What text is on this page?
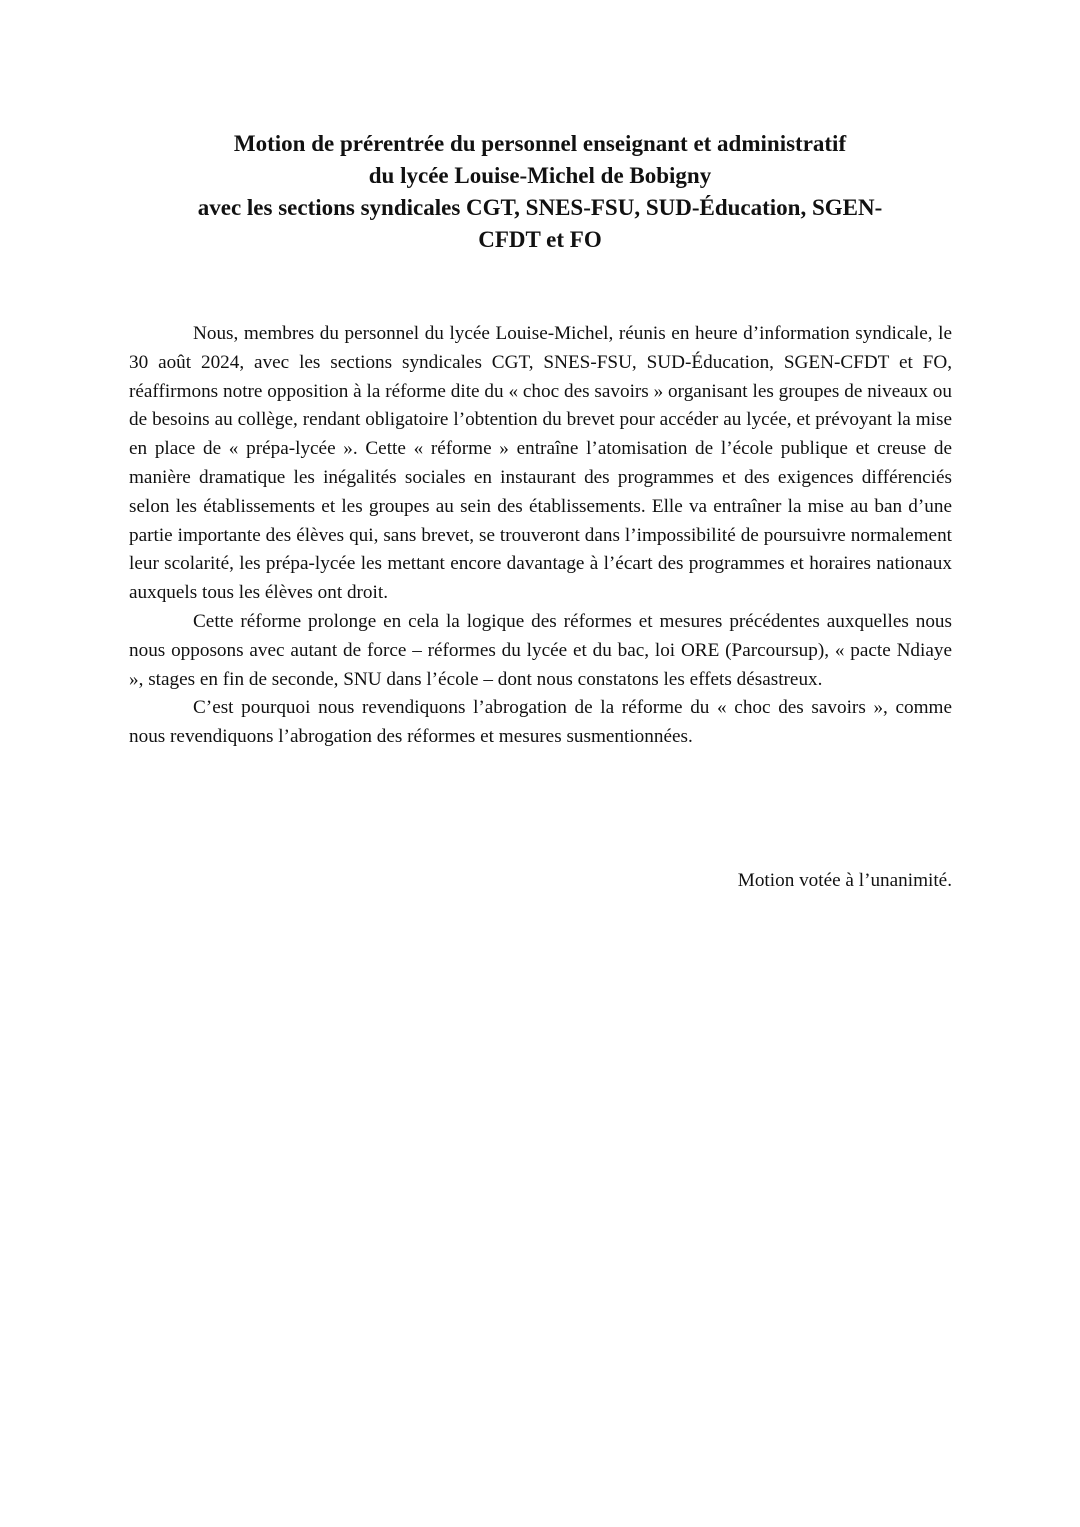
Motion de prérentrée du personnel enseignant et administratif
du lycée Louise-Michel de Bobigny
avec les sections syndicales CGT, SNES-FSU, SUD-Éducation, SGEN-
CFDT et FO

Nous, membres du personnel du lycée Louise-Michel, réunis en heure d’information syndicale, le 30 août 2024, avec les sections syndicales CGT, SNES-FSU, SUD-Éducation, SGEN-CFDT et FO, réaffirmons notre opposition à la réforme dite du « choc des savoirs » organisant les groupes de niveaux ou de besoins au collège, rendant obligatoire l’obtention du brevet pour accéder au lycée, et prévoyant la mise en place de « prépa-lycée ». Cette « réforme » entraîne l’atomisation de l’école publique et creuse de manière dramatique les inégalités sociales en instaurant des programmes et des exigences différenciés selon les établissements et les groupes au sein des établissements. Elle va entraîner la mise au ban d’une partie importante des élèves qui, sans brevet, se trouveront dans l’impossibilité de poursuivre normalement leur scolarité, les prépa-lycée les mettant encore davantage à l’écart des programmes et horaires nationaux auxquels tous les élèves ont droit.

Cette réforme prolonge en cela la logique des réformes et mesures précédentes auxquelles nous nous opposons avec autant de force – réformes du lycée et du bac, loi ORE (Parcoursup), « pacte Ndiaye », stages en fin de seconde, SNU dans l’école – dont nous constatons les effets désastreux.

C’est pourquoi nous revendiquons l’abrogation de la réforme du « choc des savoirs », comme nous revendiquons l’abrogation des réformes et mesures susmentionnées.

Motion votée à l’unanimité.
